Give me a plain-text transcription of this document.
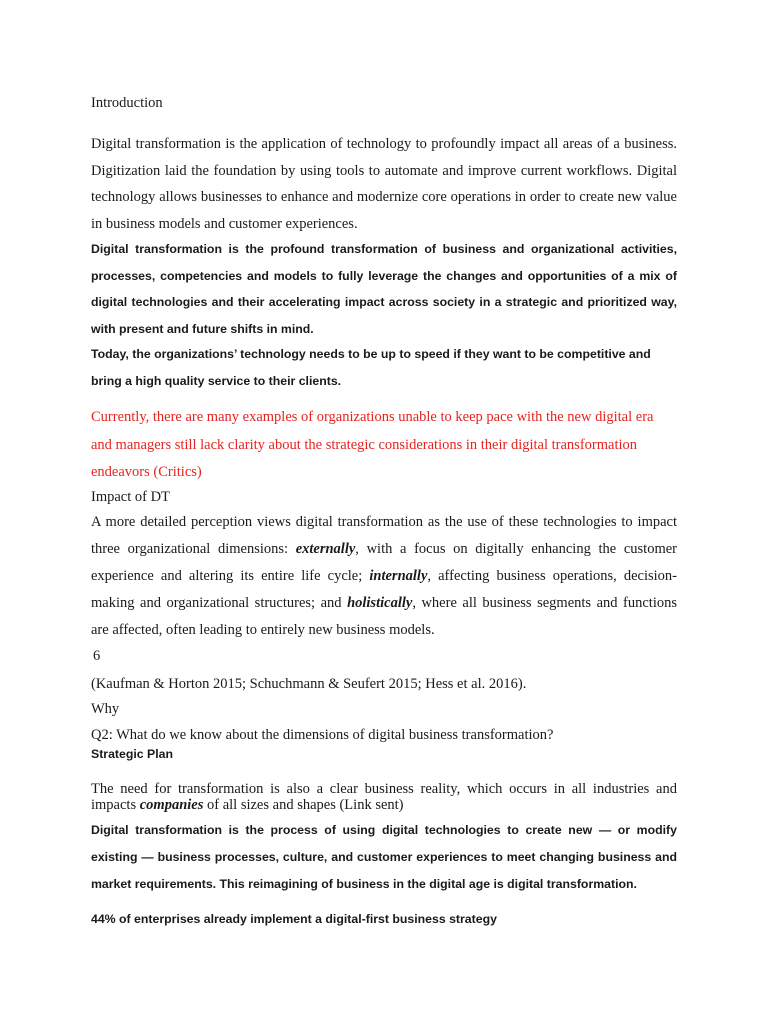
Introduction

Digital transformation is the application of technology to profoundly impact all areas of a business. Digitization laid the foundation by using tools to automate and improve current workflows. Digital technology allows businesses to enhance and modernize core operations in order to create new value in business models and customer experiences.

Digital transformation is the profound transformation of business and organizational activities, processes, competencies and models to fully leverage the changes and opportunities of a mix of digital technologies and their accelerating impact across society in a strategic and prioritized way, with present and future shifts in mind.

Today, the organizations’ technology needs to be up to speed if they want to be competitive and bring a high quality service to their clients.

Currently, there are many examples of organizations unable to keep pace with the new digital era and managers still lack clarity about the strategic considerations in their digital transformation endeavors (Critics)

Impact of DT

A more detailed perception views digital transformation as the use of these technologies to impact three organizational dimensions: externally, with a focus on digitally enhancing the customer experience and altering its entire life cycle; internally, affecting business operations, decision-making and organizational structures; and holistically, where all business segments and functions are affected, often leading to entirely new business models.

6

(Kaufman & Horton 2015; Schuchmann & Seufert 2015; Hess et al. 2016).

Why

Q2: What do we know about the dimensions of digital business transformation?

Strategic Plan

The need for transformation is also a clear business reality, which occurs in all industries and impacts companies of all sizes and shapes (Link sent)

Digital transformation is the process of using digital technologies to create new — or modify existing — business processes, culture, and customer experiences to meet changing business and market requirements. This reimagining of business in the digital age is digital transformation.

44% of enterprises already implement a digital-first business strategy
